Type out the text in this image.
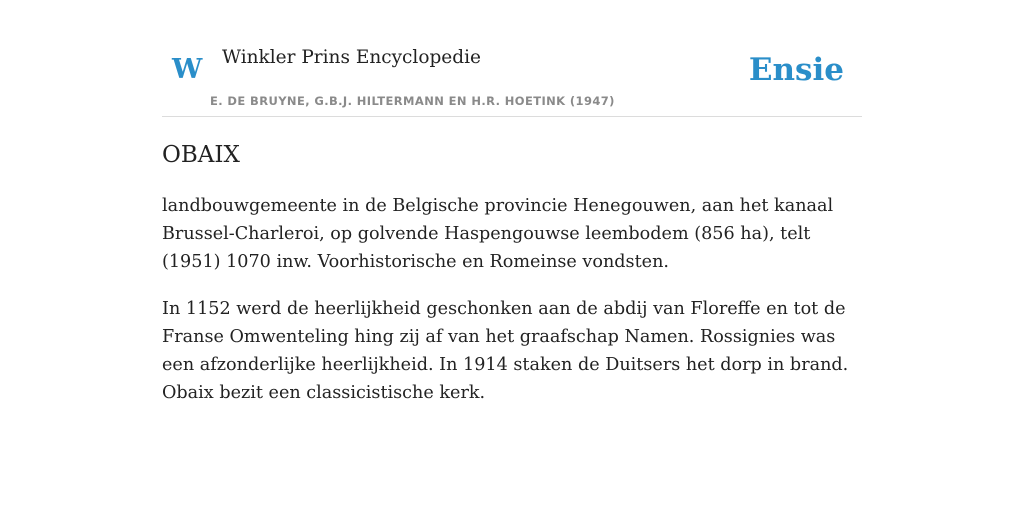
W Winkler Prins Encyclopedie
E. DE BRUYNE, G.B.J. HILTERMANN EN H.R. HOETINK (1947)
Ensie
OBAIX

landbouwgemeente in de Belgische provincie Henegouwen, aan het kanaal Brussel-Charleroi, op golvende Haspengouwse leembodem (856 ha), telt (1951) 1070 inw. Voorhistorische en Romeinse vondsten.

In 1152 werd de heerlijkheid geschonken aan de abdij van Floreffe en tot de Franse Omwenteling hing zij af van het graafschap Namen. Rossignies was een afzonderlijke heerlijkheid. In 1914 staken de Duitsers het dorp in brand. Obaix bezit een classicistische kerk.
